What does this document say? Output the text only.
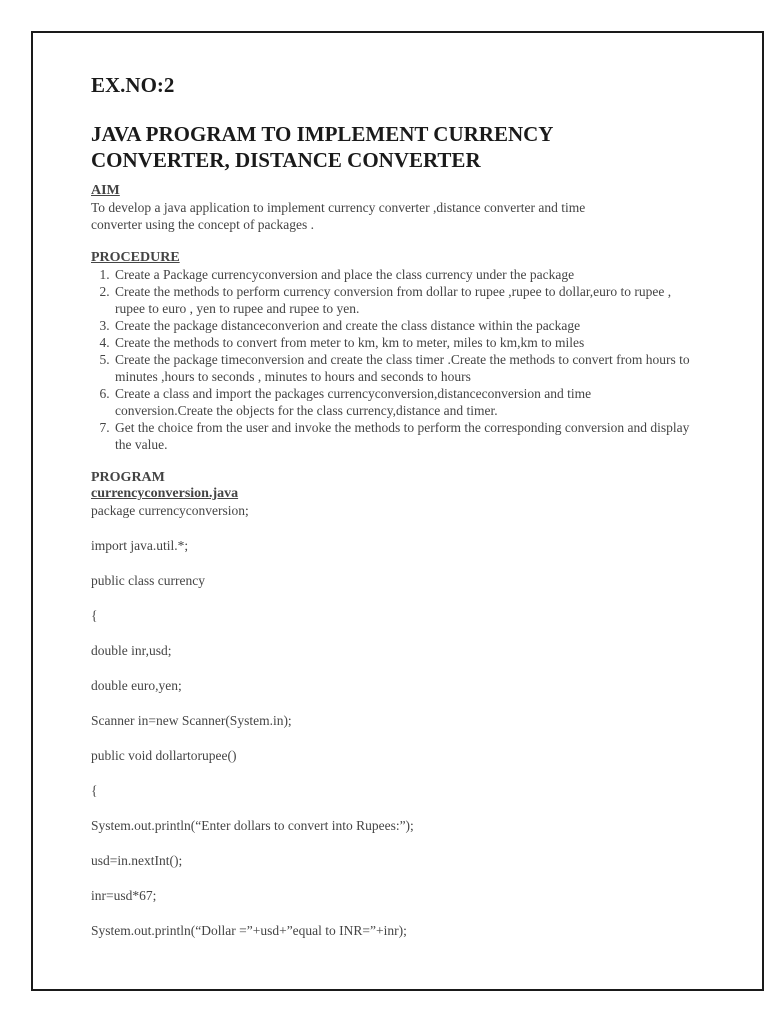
EX.NO:2

JAVA PROGRAM TO IMPLEMENT CURRENCY
CONVERTER, DISTANCE CONVERTER

AIM

To develop a java application to implement currency converter ,distance converter and time
converter using the concept of packages .

PROCEDURE

1. Create a Package currencyconversion and place the class currency under the package
2. Create the methods to perform currency conversion from dollar to rupee ,rupee to dollar,euro to rupee , rupee to euro , yen to rupee and rupee to yen.
3. Create the package distanceconverion and create the class distance within the package
4. Create the methods to convert from meter to km, km to meter, miles to km,km to miles
5. Create the package timeconversion and create the class timer .Create the methods to convert from hours to minutes ,hours to seconds , minutes to hours and seconds to hours
6. Create a class and import the packages currencyconversion,distanceconversion and time conversion.Create the objects for the class currency,distance and timer.
7. Get the choice from the user and invoke the methods to perform the corresponding conversion and display the value.

PROGRAM

currencyconversion.java

package currencyconversion;

import java.util.*;

public class currency

{

double inr,usd;

double euro,yen;

Scanner in=new Scanner(System.in);

public void dollartorupee()

{

System.out.println(“Enter dollars to convert into Rupees:”);

usd=in.nextInt();

inr=usd*67;

System.out.println(“Dollar =”+usd+”equal to INR=”+inr);
